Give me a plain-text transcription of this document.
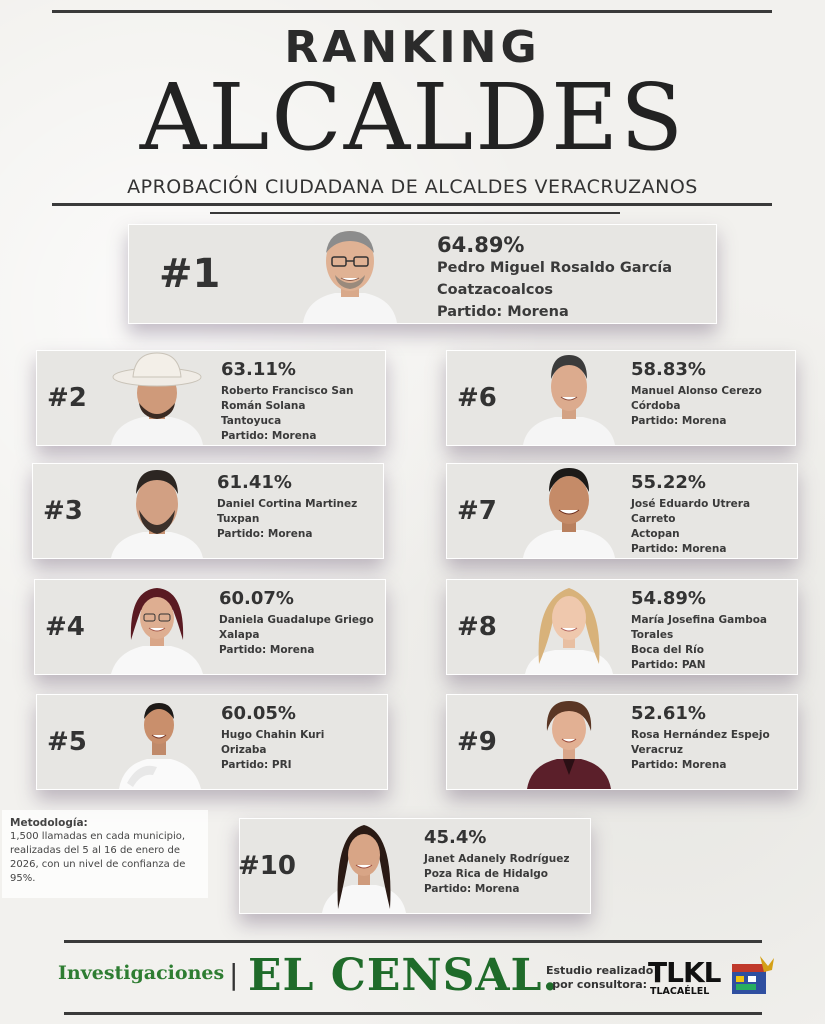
RANKING
ALCALDES
APROBACIÓN CIUDADANA DE ALCALDES VERACRUZANOS
#1
64.89%
Pedro Miguel Rosaldo García
Coatzacoalcos
Partido: Morena
#2
63.11%
Roberto Francisco San
Román Solana
Tantoyuca
Partido: Morena
#3
61.41%
Daniel Cortina Martinez
Tuxpan
Partido: Morena
#4
60.07%
Daniela Guadalupe Griego
Xalapa
Partido: Morena
#5
60.05%
Hugo Chahin Kuri
Orizaba
Partido: PRI
#6
58.83%
Manuel Alonso Cerezo
Córdoba
Partido: Morena
#7
55.22%
José Eduardo Utrera
Carreto
Actopan
Partido: Morena
#8
54.89%
María Josefina Gamboa
Torales
Boca del Río
Partido: PAN
#9
52.61%
Rosa Hernández Espejo
Veracruz
Partido: Morena
Metodología:
1,500 llamadas en cada municipio, realizadas del 5 al 16 de enero de 2026, con un nivel de confianza de 95%.	#10
45.4%
Janet Adanely Rodríguez
Poza Rica de Hidalgo
Partido: Morena
Investigaciones | EL CENSAL.
Estudio realizado
por consultora: TLKL
TLACAÉLEL
